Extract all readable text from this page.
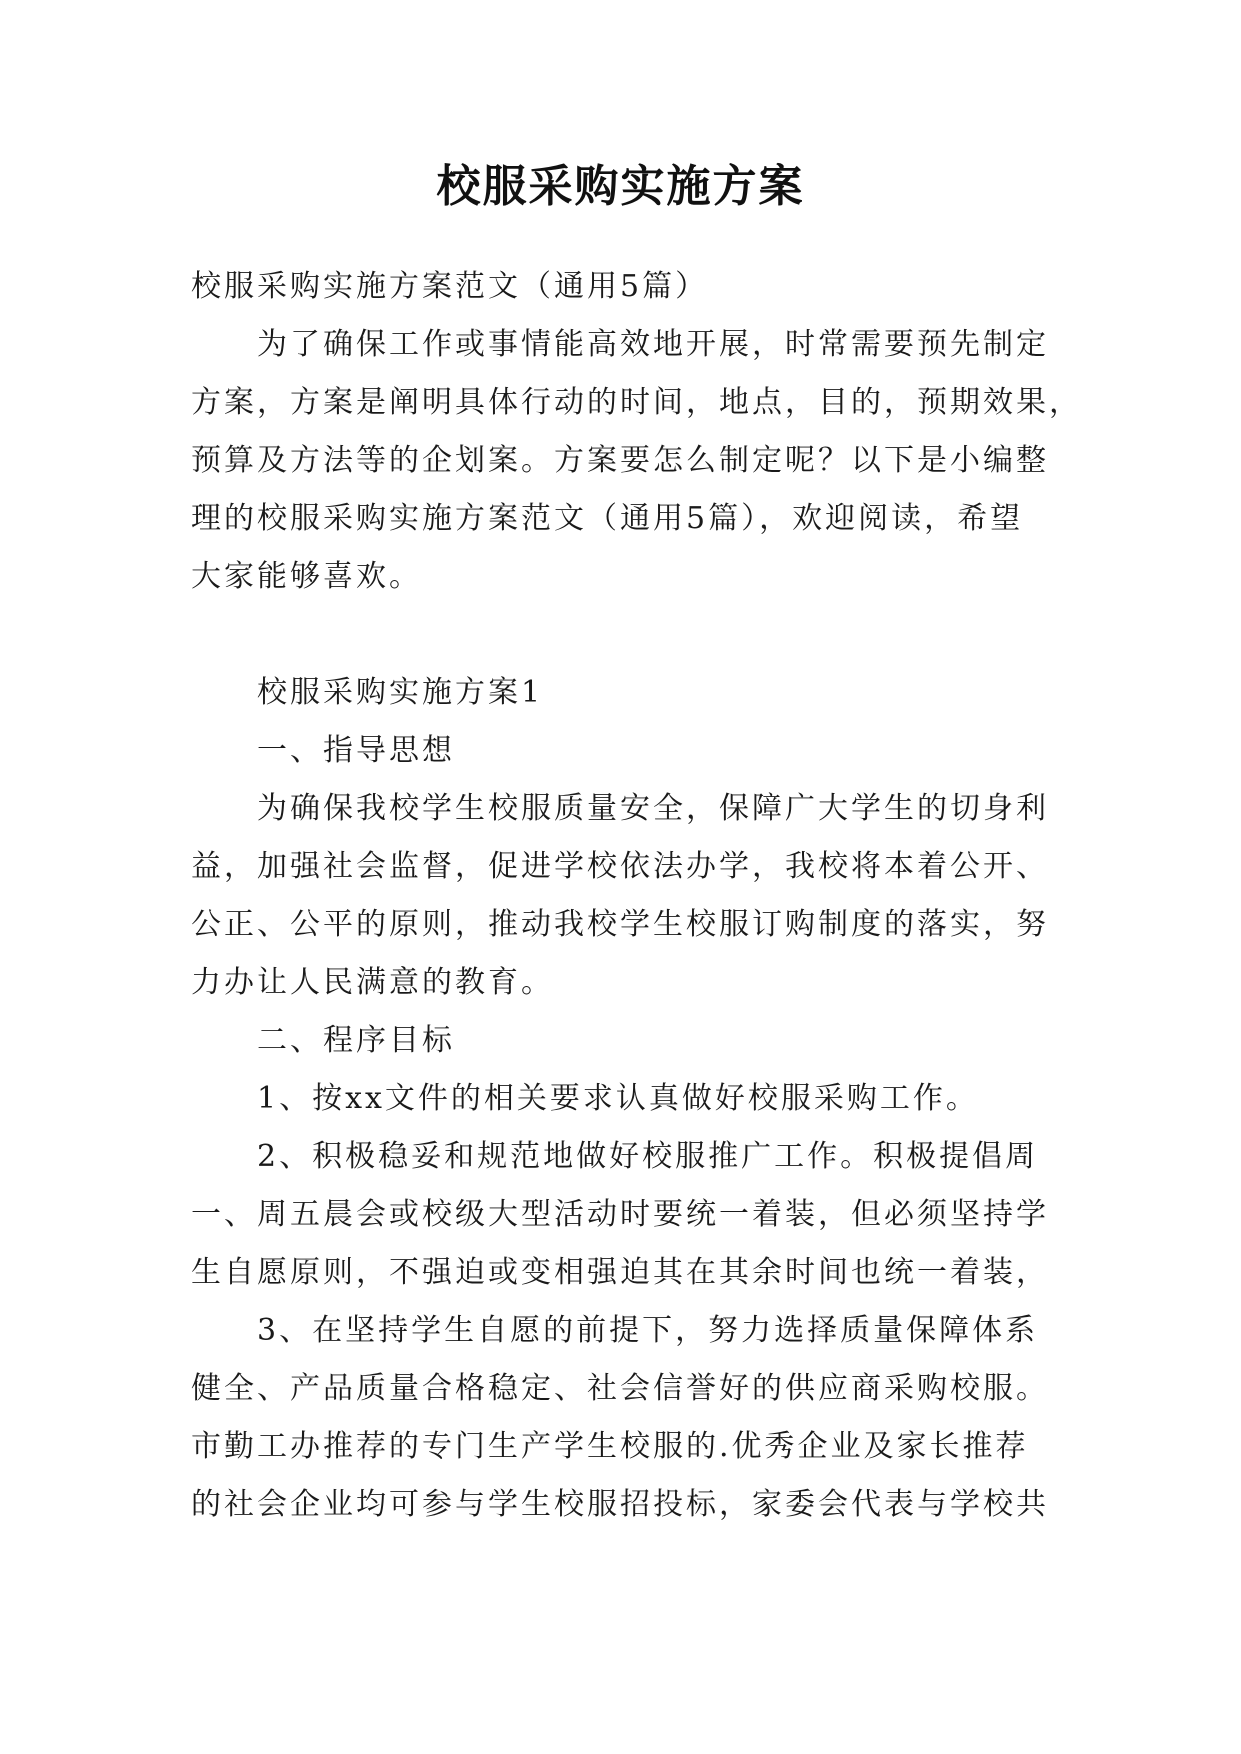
校服采购实施方案
校服采购实施方案范文（通用5篇）
为了确保工作或事情能高效地开展，时常需要预先制定
方案，方案是阐明具体行动的时间，地点，目的，预期效果，
预算及方法等的企划案。方案要怎么制定呢？以下是小编整
理的校服采购实施方案范文（通用5篇），欢迎阅读，希望
大家能够喜欢。
校服采购实施方案1
一、指导思想
为确保我校学生校服质量安全，保障广大学生的切身利
益，加强社会监督，促进学校依法办学，我校将本着公开、
公正、公平的原则，推动我校学生校服订购制度的落实，努
力办让人民满意的教育。
二、程序目标
1、按xx文件的相关要求认真做好校服采购工作。
2、积极稳妥和规范地做好校服推广工作。积极提倡周
一、周五晨会或校级大型活动时要统一着装，但必须坚持学
生自愿原则，不强迫或变相强迫其在其余时间也统一着装，
3、在坚持学生自愿的前提下，努力选择质量保障体系
健全、产品质量合格稳定、社会信誉好的供应商采购校服。
市勤工办推荐的专门生产学生校服的.优秀企业及家长推荐
的社会企业均可参与学生校服招投标，家委会代表与学校共
